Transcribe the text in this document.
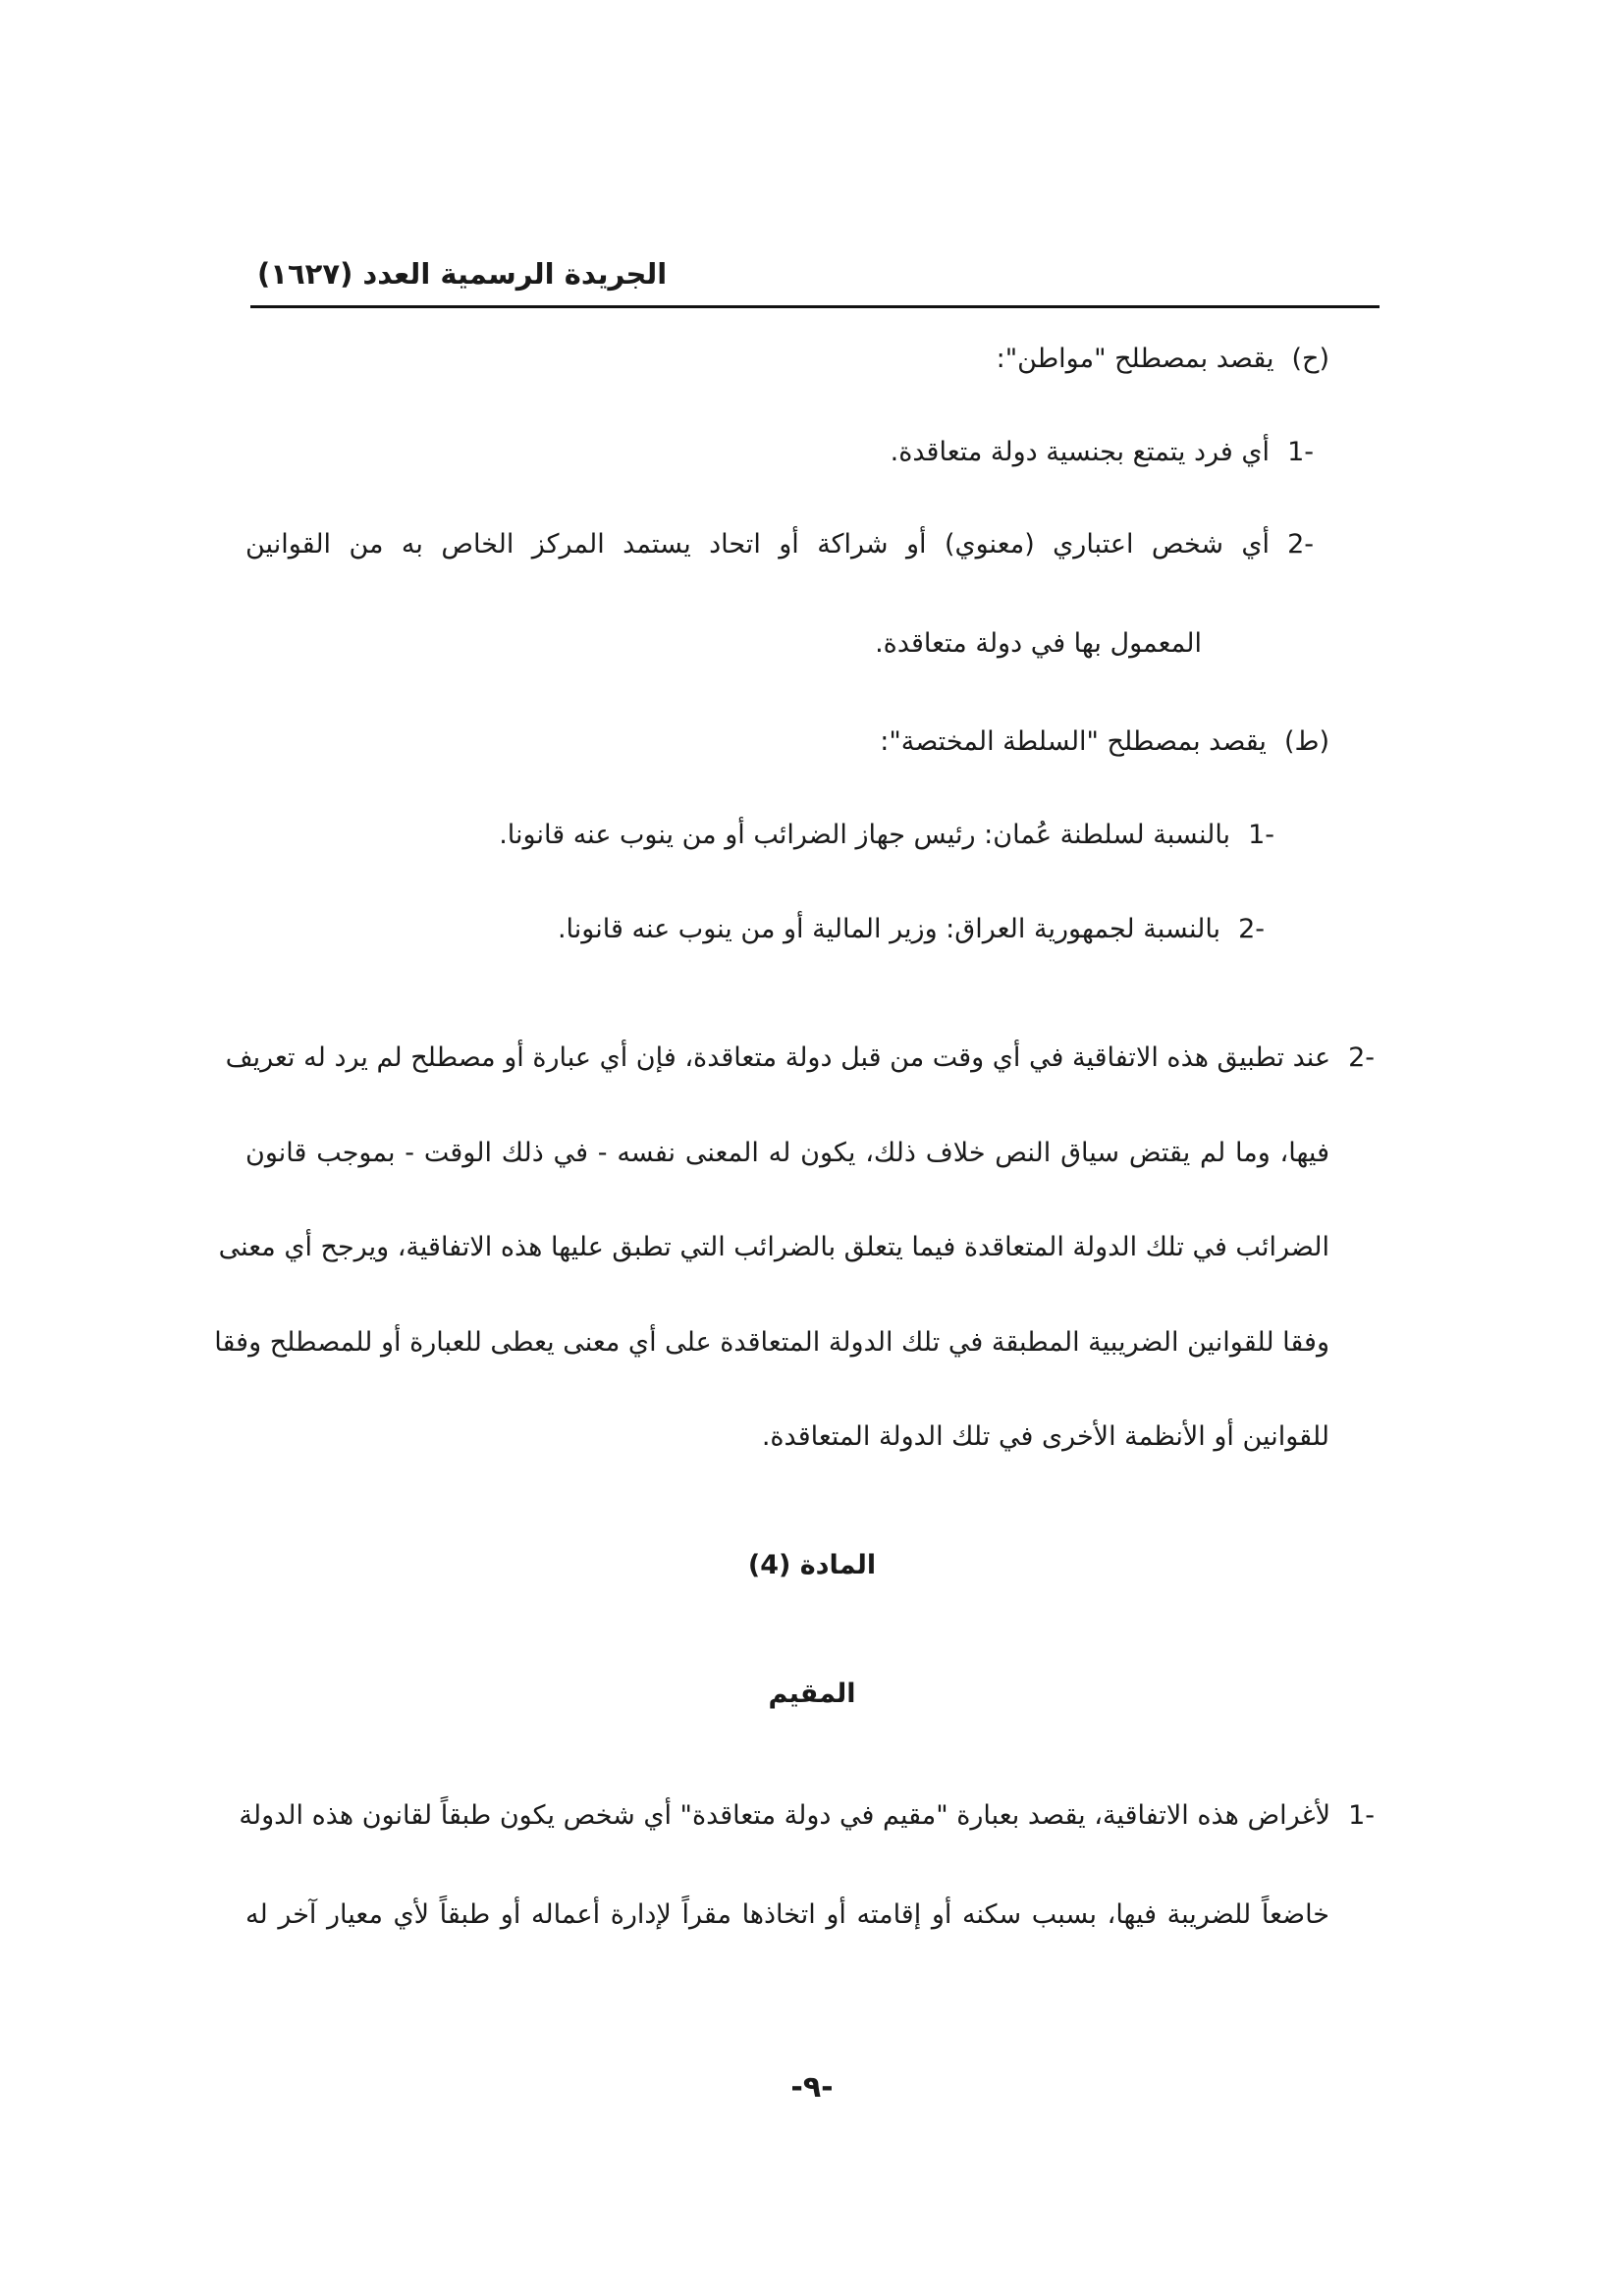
الجريدة الرسمية العدد (١٦٢٧)
(ح)يقصد بمصطلح "مواطن":
-1أي فرد يتمتع بجنسية دولة متعاقدة.
-2أي شخص اعتباري (معنوي) أو شراكة أو اتحاد يستمد المركز الخاص به من القوانين
المعمول بها في دولة متعاقدة.
(ط)يقصد بمصطلح "السلطة المختصة":
-1بالنسبة لسلطنة عُمان: رئيس جهاز الضرائب أو من ينوب عنه قانونا.
-2بالنسبة لجمهورية العراق: وزير المالية أو من ينوب عنه قانونا.
-2عند تطبيق هذه الاتفاقية في أي وقت من قبل دولة متعاقدة، فإن أي عبارة أو مصطلح لم يرد له تعريف
فيها، وما لم يقتض سياق النص خلاف ذلك، يكون له المعنى نفسه - في ذلك الوقت - بموجب قانون
الضرائب في تلك الدولة المتعاقدة فيما يتعلق بالضرائب التي تطبق عليها هذه الاتفاقية، ويرجح أي معنى
وفقا للقوانين الضريبية المطبقة في تلك الدولة المتعاقدة على أي معنى يعطى للعبارة أو للمصطلح وفقا
للقوانين أو الأنظمة الأخرى في تلك الدولة المتعاقدة.
المادة (4)
المقيم
-1لأغراض هذه الاتفاقية، يقصد بعبارة "مقيم في دولة متعاقدة" أي شخص يكون طبقاً لقانون هذه الدولة
خاضعاً للضريبة فيها، بسبب سكنه أو إقامته أو اتخاذها مقراً لإدارة أعماله أو طبقاً لأي معيار آخر له
-٩-
